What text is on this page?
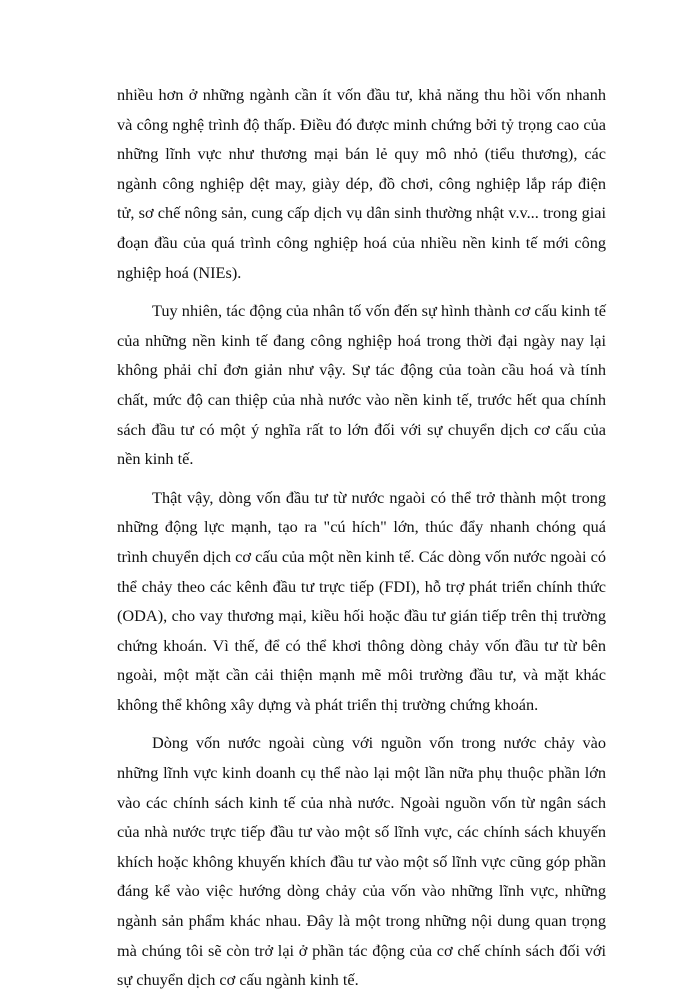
nhiều hơn ở những ngành cần ít vốn đầu tư, khả năng thu hồi vốn nhanh và công nghệ trình độ thấp. Điều đó được minh chứng bởi tỷ trọng cao của những lĩnh vực như thương mại bán lẻ quy mô nhỏ (tiểu thương), các ngành công nghiệp dệt may, giày dép, đồ chơi, công nghiệp lắp ráp điện tử, sơ chế nông sản, cung cấp dịch vụ dân sinh thường nhật v.v... trong giai đoạn đầu của quá trình công nghiệp hoá của nhiều nền kinh tế mới công nghiệp hoá (NIEs).

Tuy nhiên, tác động của nhân tố vốn đến sự hình thành cơ cấu kinh tế của những nền kinh tế đang công nghiệp hoá trong thời đại ngày nay lại không phải chỉ đơn giản như vậy. Sự tác động của toàn cầu hoá và tính chất, mức độ can thiệp của nhà nước vào nền kinh tế, trước hết qua chính sách đầu tư có một ý nghĩa rất to lớn đối với sự chuyển dịch cơ cấu của nền kinh tế.

Thật vậy, dòng vốn đầu tư từ nước ngaòi có thể trở thành một trong những động lực mạnh, tạo ra "cú hích" lớn, thúc đẩy nhanh chóng quá trình chuyển dịch cơ cấu của một nền kinh tế. Các dòng vốn nước ngoài có thể chảy theo các kênh đầu tư trực tiếp (FDI), hỗ trợ phát triển chính thức (ODA), cho vay thương mại, kiều hối hoặc đầu tư gián tiếp trên thị trường chứng khoán. Vì thế, để có thể khơi thông dòng chảy vốn đầu tư từ bên ngoài, một mặt cần cải thiện mạnh mẽ môi trường đầu tư, và mặt khác không thể không xây dựng và phát triển thị trường chứng khoán.

Dòng vốn nước ngoài cùng với nguồn vốn trong nước chảy vào những lĩnh vực kinh doanh cụ thể nào lại một lần nữa phụ thuộc phần lớn vào các chính sách kinh tế của nhà nước. Ngoài nguồn vốn từ ngân sách của nhà nước trực tiếp đầu tư vào một số lĩnh vực, các chính sách khuyến khích hoặc không khuyến khích đầu tư vào một số lĩnh vực cũng góp phần đáng kể vào việc hướng dòng chảy của vốn vào những lĩnh vực, những ngành sản phẩm khác nhau. Đây là một trong những nội dung quan trọng mà chúng tôi sẽ còn trở lại ở phần tác động của cơ chế chính sách đối với sự chuyển dịch cơ cấu ngành kinh tế.
